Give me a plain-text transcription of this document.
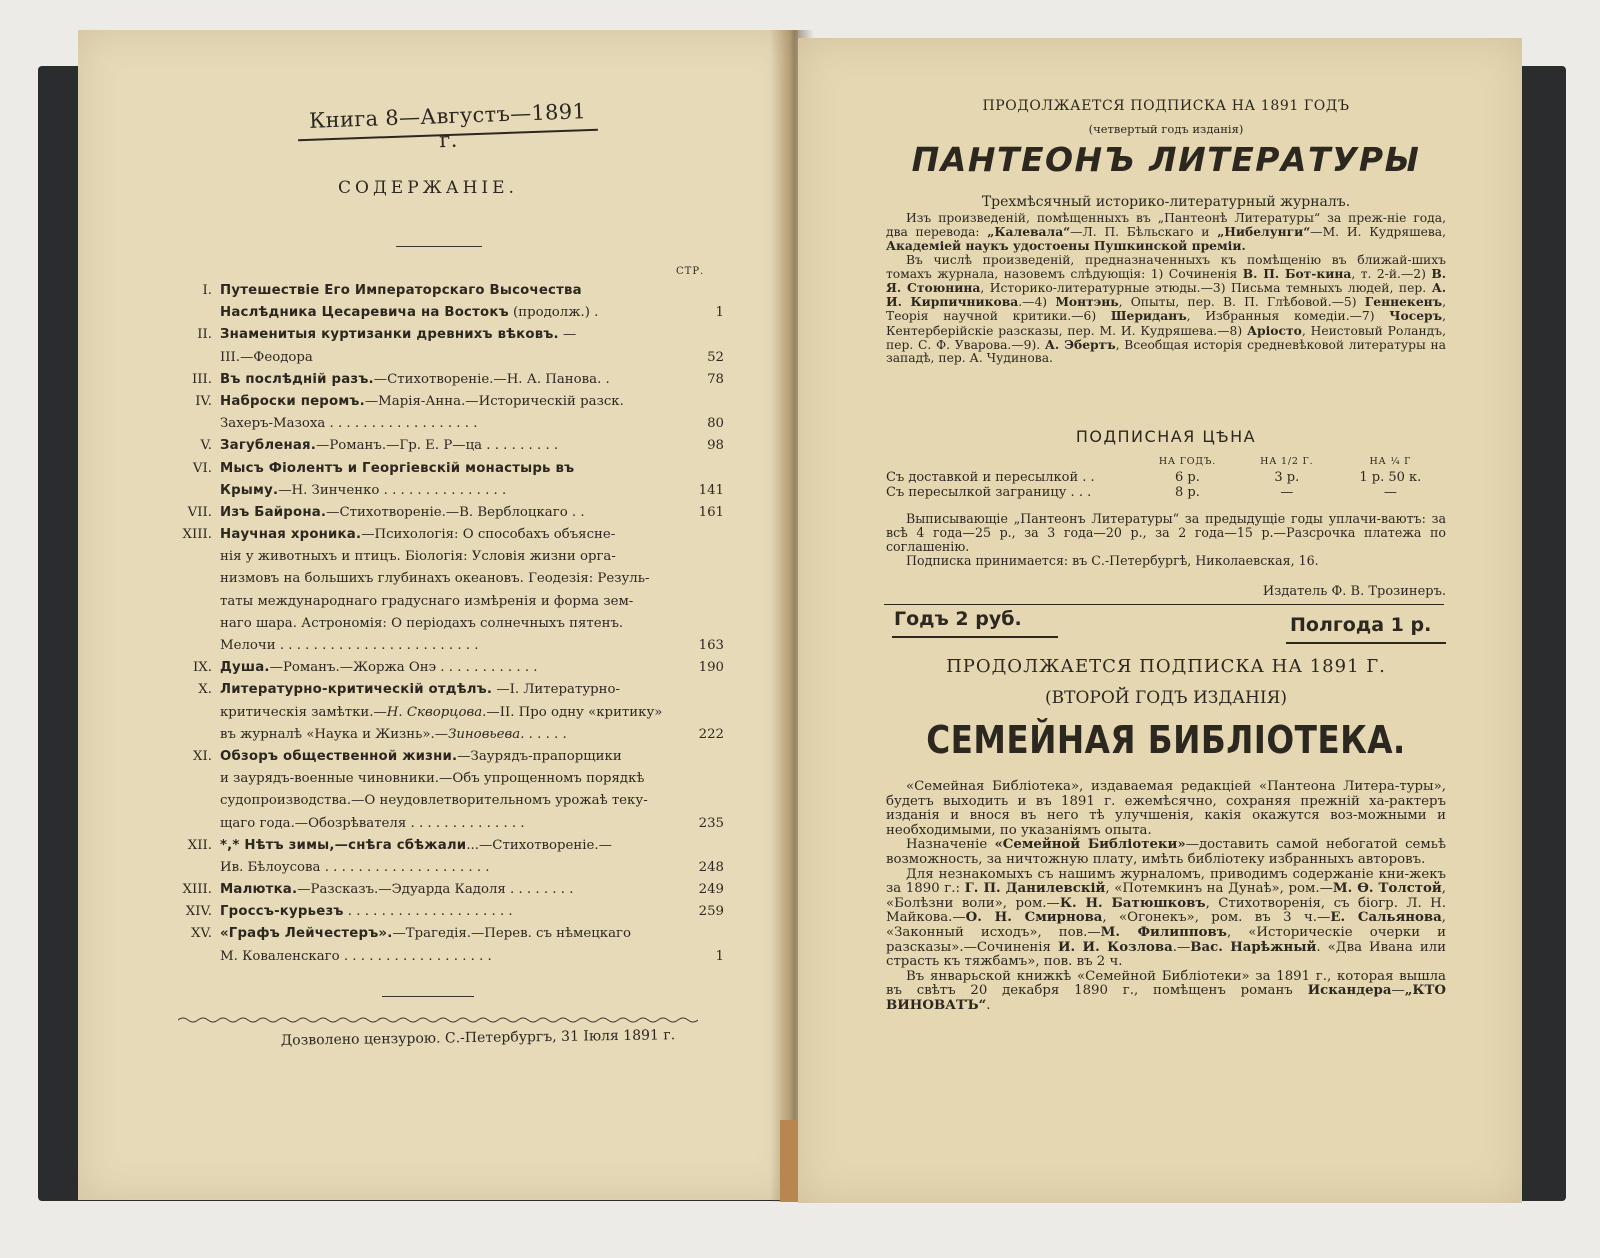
Книга 8—Августъ—1891 г.
СОДЕРЖАНІЕ.
СТР.
I. Путешествіе Его Императорскаго Высочества
Наслѣдника Цесаревича на Востокъ (продолж.) .	1
II. Знаменитыя куртизанки древнихъ вѣковъ. —
III.—Феодора	52
III. Въ послѣдній разъ.—Стихотвореніе.—Н. А. Панова. .	78
IV. Наброски перомъ.—Марія-Анна.—Историческій разск.
Захеръ-Мазоха . . . . . . . . . . . . . . . . . .	80
V. Загубленая.—Романъ.—Гр. Е. Р—ца . . . . . . . . .	98
VI. Мысъ Фіолентъ и Георгіевскій монастырь въ
Крыму.—Н. Зинченко . . . . . . . . . . . . . . .	141
VII. Изъ Байрона.—Стихотвореніе.—В. Верблоцкаго . .	161
XIII. Научная хроника.—Психологія: О способахъ объясне-
нія у животныхъ и птицъ. Біологія: Условія жизни орга-
низмовъ на большихъ глубинахъ океановъ. Геодезія: Резуль-
таты международнаго градуснаго измѣренія и форма зем-
наго шара. Астрономія: О періодахъ солнечныхъ пятенъ.
Мелочи . . . . . . . . . . . . . . . . . . . . . . . .	163
IX. Душа.—Романъ.—Жоржа Онэ . . . . . . . . . . . .	190
X. Литературно-критическій отдѣлъ. —I. Литературно-
критическія замѣтки.—Н. Скворцова.—II. Про одну «критику»
въ журналѣ «Наука и Жизнь».—Зиновьева. . . . . .	222
XI. Обзоръ общественной жизни.—Заурядъ-прапорщики
и заурядъ-военные чиновники.—Объ упрощенномъ порядкѣ
судопроизводства.—О неудовлетворительномъ урожаѣ теку-
щаго года.—Обозрѣвателя . . . . . . . . . . . . . .	235
XII. *,* Нѣтъ зимы,—снѣга сбѣжали...—Стихотвореніе.—
Ив. Бѣлоусова . . . . . . . . . . . . . . . . . . . .	248
XIII. Малютка.—Разсказъ.—Эдуарда Кадоля . . . . . . . .	249
XIV. Гроссъ-курьезъ . . . . . . . . . . . . . . . . . . . .	259
XV. «Графъ Лейчестеръ».—Трагедія.—Перев. съ нѣмецкаго
М. Коваленскаго . . . . . . . . . . . . . . . . . .	1
Дозволено цензурою. С.-Петербургъ, 31 Іюля 1891 г.
ПРОДОЛЖАЕТСЯ ПОДПИСКА НА 1891 ГОДЪ
(четвертый годъ изданія)
ПАНТЕОНЪ ЛИТЕРАТУРЫ
Трехмѣсячный историко-литературный журналъ.

Изъ произведеній, помѣщенныхъ въ „Пантеонѣ Литературы“ за преж-ніе года, два перевода: „Калевала“—Л. П. Бѣльскаго и „Нибелунги“—М. И. Кудряшева, Академіей наукъ удостоены Пушкинской преміи.

Въ числѣ произведеній, предназначенныхъ къ помѣщенію въ ближай-шихъ томахъ журнала, назовемъ слѣдующія: 1) Сочиненія В. П. Бот-кина, т. 2-й.—2) В. Я. Стоюнина, Историко-литературные этюды.—3) Письма темныхъ людей, пер. А. И. Кирпичникова.—4) Монтэнь, Опыты, пер. В. П. Глѣбовой.—5) Геннекенъ, Теорія научной критики.—6) Шериданъ, Избранныя комедіи.—7) Чосеръ, Кентерберійскіе разсказы, пер. М. И. Кудряшева.—8) Аріосто, Неистовый Роландъ, пер. С. Ф. Уварова.—9). А. Эбертъ, Всеобщая исторія средневѣковой литературы на западѣ, пер. А. Чудинова.

ПОДПИСНАЯ ЦѢНА
	НА ГОДЪ.	НА 1/2 Г.	НА ¼ Г
Съ доставкой и пересылкой . .	6 р.	3 р.	1 р. 50 к.
Съ пересылкой заграницу . . .	8 р.	—	—

Выписывающіе „Пантеонъ Литературы“ за предыдущіе годы уплачи-ваютъ: за всѣ 4 года—25 р., за 3 года—20 р., за 2 года—15 р.—Разсрочка платежа по соглашенію.

Подписка принимается: въ С.-Петербургѣ, Николаевская, 16.

Издатель Ф. В. Трозинеръ.
Годъ 2 руб.	Полгода 1 р.
ПРОДОЛЖАЕТСЯ ПОДПИСКА НА 1891 Г.
(ВТОРОЙ ГОДЪ ИЗДАНІЯ)
СЕМЕЙНАЯ БИБЛІОТЕКА.

«Семейная Библіотека», издаваемая редакціей «Пантеона Литера-туры», будетъ выходить и въ 1891 г. ежемѣсячно, сохраняя прежній ха-рактеръ изданія и внося въ него тѣ улучшенія, какія окажутся воз-можными и необходимыми, по указаніямъ опыта.

Назначеніе «Семейной Библіотеки»—доставить самой небогатой семьѣ возможность, за ничтожную плату, имѣть библіотеку избранныхъ авторовъ.

Для незнакомыхъ съ нашимъ журналомъ, приводимъ содержаніе кни-жекъ за 1890 г.: Г. П. Данилевскій, «Потемкинъ на Дунаѣ», ром.—М. Ѳ. Толстой, «Болѣзни воли», ром.—К. Н. Батюшковъ, Стихотворенія, съ біогр. Л. Н. Майкова.—О. Н. Смирнова, «Огонекъ», ром. въ 3 ч.—Е. Сальянова, «Законный исходъ», пов.—М. Филипповъ, «Историческіе очерки и разсказы».—Сочиненія И. И. Козлова.—Вас. Нарѣжный. «Два Ивана или страсть къ тяжбамъ», пов. въ 2 ч.

Въ январьской книжкѣ «Семейной Библіотеки» за 1891 г., которая вышла въ свѣтъ 20 декабря 1890 г., помѣщенъ романъ Искандера—„КТО ВИНОВАТЪ“.
